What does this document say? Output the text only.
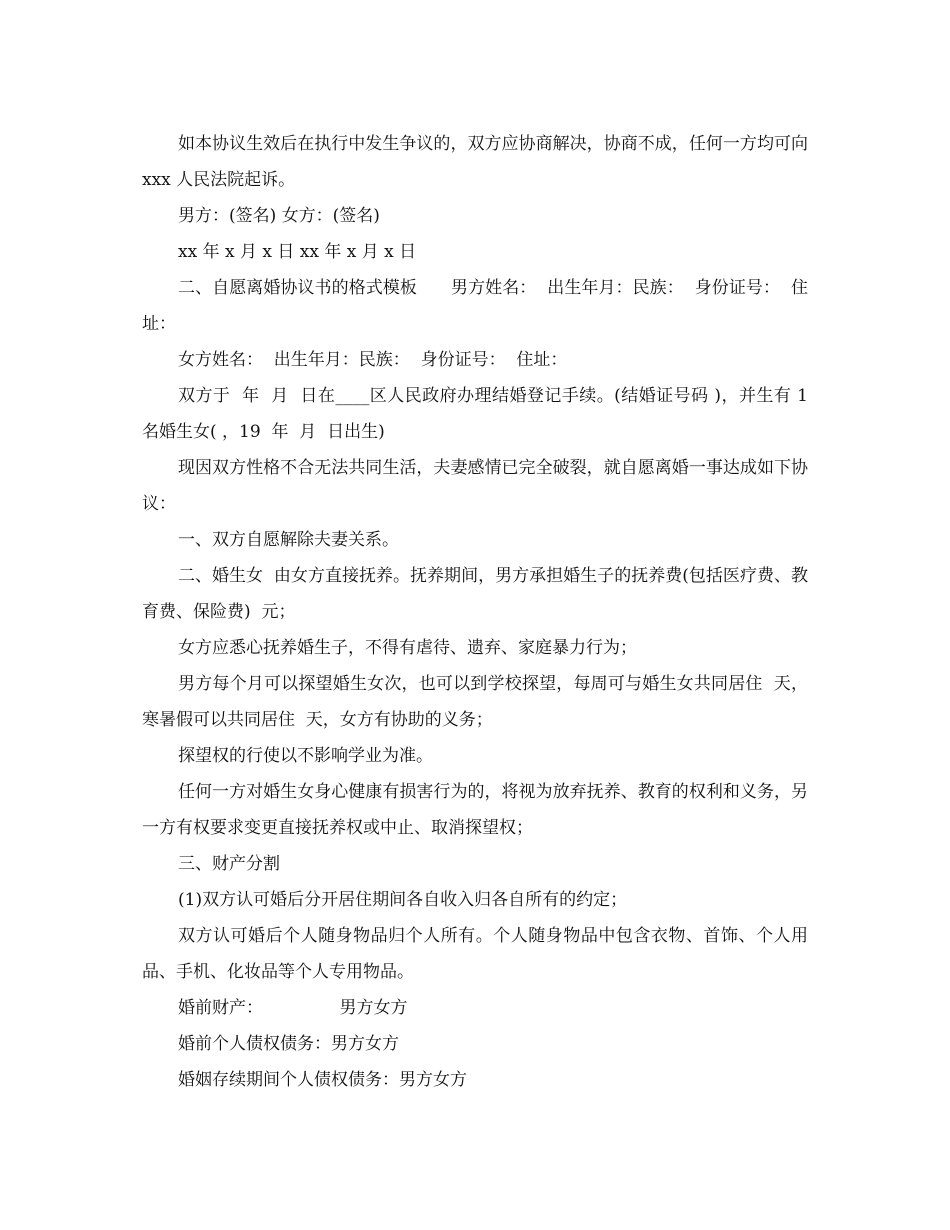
如本协议生效后在执行中发生争议的，双方应协商解决，协商不成，任何一方均可向 xxx 人民法院起诉。

男方：(签名) 女方：(签名)

xx 年 x 月 x 日 xx 年 x 月 x 日

二、自愿离婚协议书的格式模板　　男方姓名：  出生年月：民族：  身份证号：  住址：

女方姓名：  出生年月：民族：  身份证号：  住址：

双方于  年  月  日在____区人民政府办理结婚登记手续。(结婚证号码 )，并生有 1 名婚生女( ，19  年  月  日出生)

现因双方性格不合无法共同生活，夫妻感情已完全破裂，就自愿离婚一事达成如下协议：

一、双方自愿解除夫妻关系。

二、婚生女  由女方直接抚养。抚养期间，男方承担婚生子的抚养费(包括医疗费、教育费、保险费)  元；

女方应悉心抚养婚生子，不得有虐待、遗弃、家庭暴力行为；

男方每个月可以探望婚生女次，也可以到学校探望，每周可与婚生女共同居住  天，寒暑假可以共同居住  天，女方有协助的义务；

探望权的行使以不影响学业为准。

任何一方对婚生女身心健康有损害行为的，将视为放弃抚养、教育的权利和义务，另一方有权要求变更直接抚养权或中止、取消探望权；

三、财产分割

(1)双方认可婚后分开居住期间各自收入归各自所有的约定；

双方认可婚后个人随身物品归个人所有。个人随身物品中包含衣物、首饰、个人用品、手机、化妆品等个人专用物品。

婚前财产：　　　　　男方女方

婚前个人债权债务：男方女方

婚姻存续期间个人债权债务：男方女方
